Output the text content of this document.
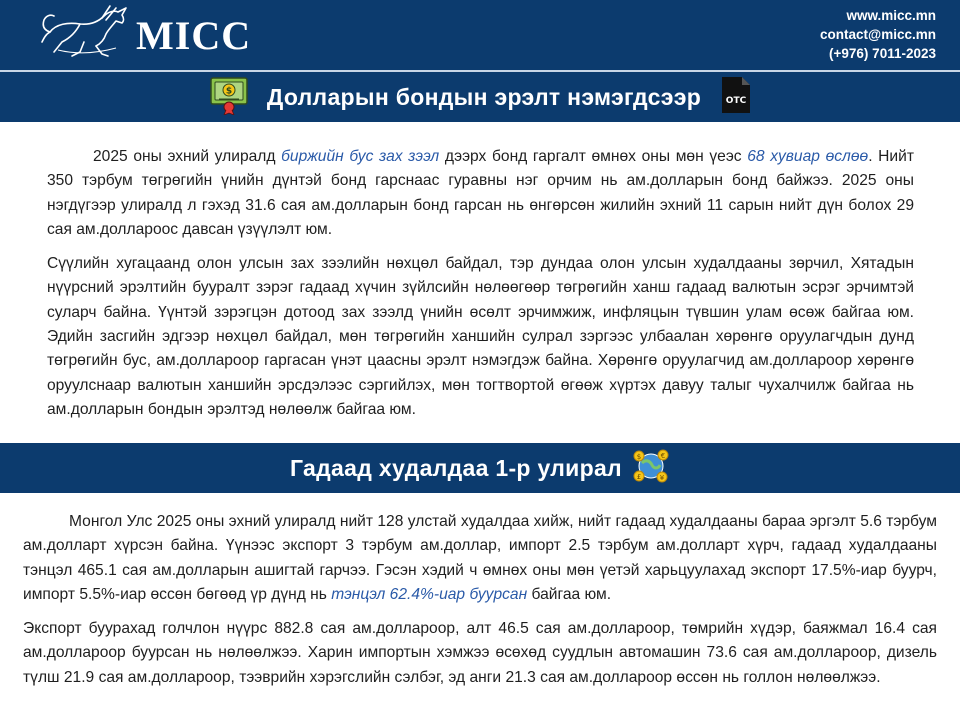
MICC	www.micc.mn
contact@micc.mn
(+976) 7011-2023
$ Долларын бондын эрэлт нэмэгдсээр	OTC

2025 оны эхний улиралд биржийн бус зах зээл дээрх бонд гаргалт өмнөх оны мөн үеэс 68 хувиар өслөө. Нийт 350 тэрбум төгрөгийн үнийн дүнтэй бонд гарснаас гуравны нэг орчим нь ам.долларын бонд байжээ. 2025 оны нэгдүгээр улиралд л гэхэд 31.6 сая ам.долларын бонд гарсан нь өнгөрсөн жилийн эхний 11 сарын нийт дүн болох 29 сая ам.доллароос давсан үзүүлэлт юм.

Сүүлийн хугацаанд олон улсын зах зээлийн нөхцөл байдал, тэр дундаа олон улсын худалдааны зөрчил, Хятадын нүүрсний эрэлтийн буурaлт зэрэг гадаад хүчин зүйлсийн нөлөөгөөр төгрөгийн ханш гадаад валютын эсрэг эрчимтэй суларч байна. Үүнтэй зэрэгцэн дотоод зах зээлд үнийн өсөлт эрчимжиж, инфляцын түвшин улам өсөж байгаа юм. Эдийн засгийн эдгээр нөхцөл байдал, мөн төгрөгийн ханшийн сулрал зэргээс улбаалан хөрөнгө оруулагчдын дунд төгрөгийн бус, ам.доллароор гаргасан үнэт цаасны эрэлт нэмэгдэж байна. Хөрөнгө оруулагчид ам.доллароор хөрөнгө оруулснаар валютын ханшийн эрсдэлээс сэргийлэх, мөн тогтвортой өгөөж хүртэх давуу талыг чухалчилж байгаа нь ам.долларын бондын эрэлтэд нөлөөлж байгаа юм.

Гадаад худалдаа 1-р улирал $	€
¥
£

Монгол Улс 2025 оны эхний улиралд нийт 128 улстай худалдаа хийж, нийт гадаад худалдааны бараа эргэлт 5.6 тэрбум ам.долларт хүрсэн байна. Үүнээс экспорт 3 тэрбум ам.доллар, импорт 2.5 тэрбум ам.долларт хүрч, гадаад худалдааны тэнцэл 465.1 сая ам.долларын ашигтай гарчээ. Гэсэн хэдий ч өмнөх оны мөн үетэй харьцуулахад экспорт 17.5%-иар буурч, импорт 5.5%-иар өссөн бөгөөд үр дүнд нь тэнцэл 62.4%-иар буурсан байгаа юм.

Экспорт буурахад голчлон нүүрс 882.8 сая ам.доллароор, алт 46.5 сая ам.доллароор, төмрийн хүдэр, баяжмал 16.4 сая ам.доллароор буурсан нь нөлөөлжээ. Харин импортын хэмжээ өсөхөд суудлын автомашин 73.6 сая ам.доллароор, дизель түлш 21.9 сая ам.доллароор, тээврийн хэрэгслийн сэлбэг, эд анги 21.3 сая ам.доллароор өссөн нь голлон нөлөөлжээ.
